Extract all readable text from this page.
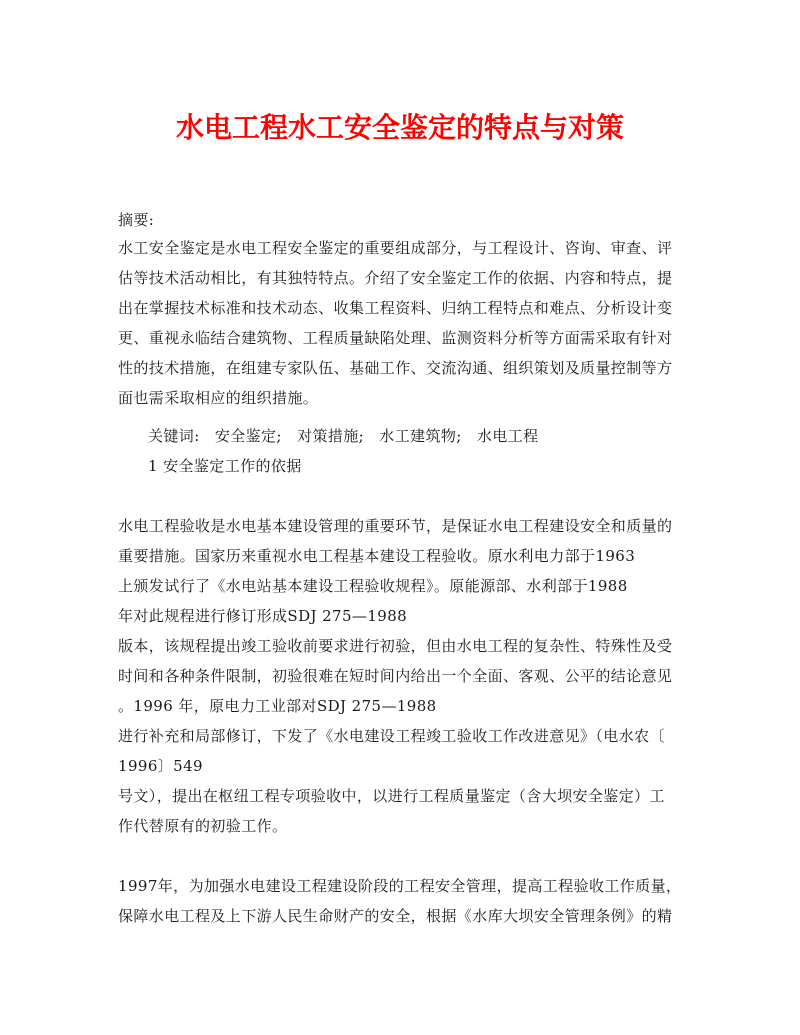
水电工程水工安全鉴定的特点与对策
摘要:
水工安全鉴定是水电工程安全鉴定的重要组成部分，与工程设计、咨询、审查、评
估等技术活动相比，有其独特特点。介绍了安全鉴定工作的依据、内容和特点，提
出在掌握技术标准和技术动态、收集工程资料、归纳工程特点和难点、分析设计变
更、重视永临结合建筑物、工程质量缺陷处理、监测资料分析等方面需采取有针对
性的技术措施，在组建专家队伍、基础工作、交流沟通、组织策划及质量控制等方
面也需采取相应的组织措施。
关键词: 安全鉴定; 对策措施; 水工建筑物; 水电工程
1 安全鉴定工作的依据
水电工程验收是水电基本建设管理的重要环节，是保证水电工程建设安全和质量的
重要措施。国家历来重视水电工程基本建设工程验收。原水利电力部于1963
上颁发试行了《水电站基本建设工程验收规程》。原能源部、水利部于1988
年对此规程进行修订形成SDJ 275—1988
版本，该规程提出竣工验收前要求进行初验，但由水电工程的复杂性、特殊性及受
时间和各种条件限制，初验很难在短时间内给出一个全面、客观、公平的结论意见
。1996 年，原电力工业部对SDJ 275—1988
进行补充和局部修订，下发了《水电建设工程竣工验收工作改进意见》（电水农〔
1996〕549
号文），提出在枢纽工程专项验收中，以进行工程质量鉴定（含大坝安全鉴定）工
作代替原有的初验工作。
1997年，为加强水电建设工程建设阶段的工程安全管理，提高工程验收工作质量，
保障水电工程及上下游人民生命财产的安全，根据《水库大坝安全管理条例》的精
